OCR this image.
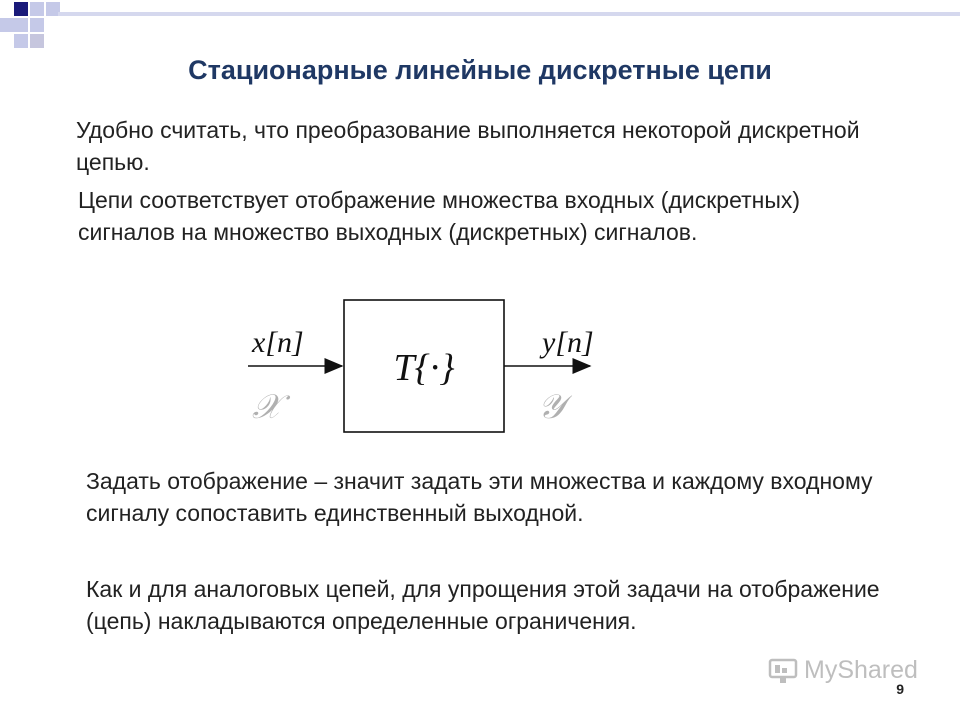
Стационарные линейные дискретные цепи

Удобно считать, что преобразование выполняется некоторой дискретной цепью.

Цепи соответствует отображение множества входных (дискретных) сигналов на множество выходных (дискретных) сигналов.

x[n]	y[n]
T{·}
𝒳	𝒴

Задать отображение – значит задать эти множества и каждому входному сигналу сопоставить единственный выходной.

Как и для аналоговых цепей, для упрощения этой задачи на отображение (цепь) накладываются определенные ограничения.

MyShared
9
